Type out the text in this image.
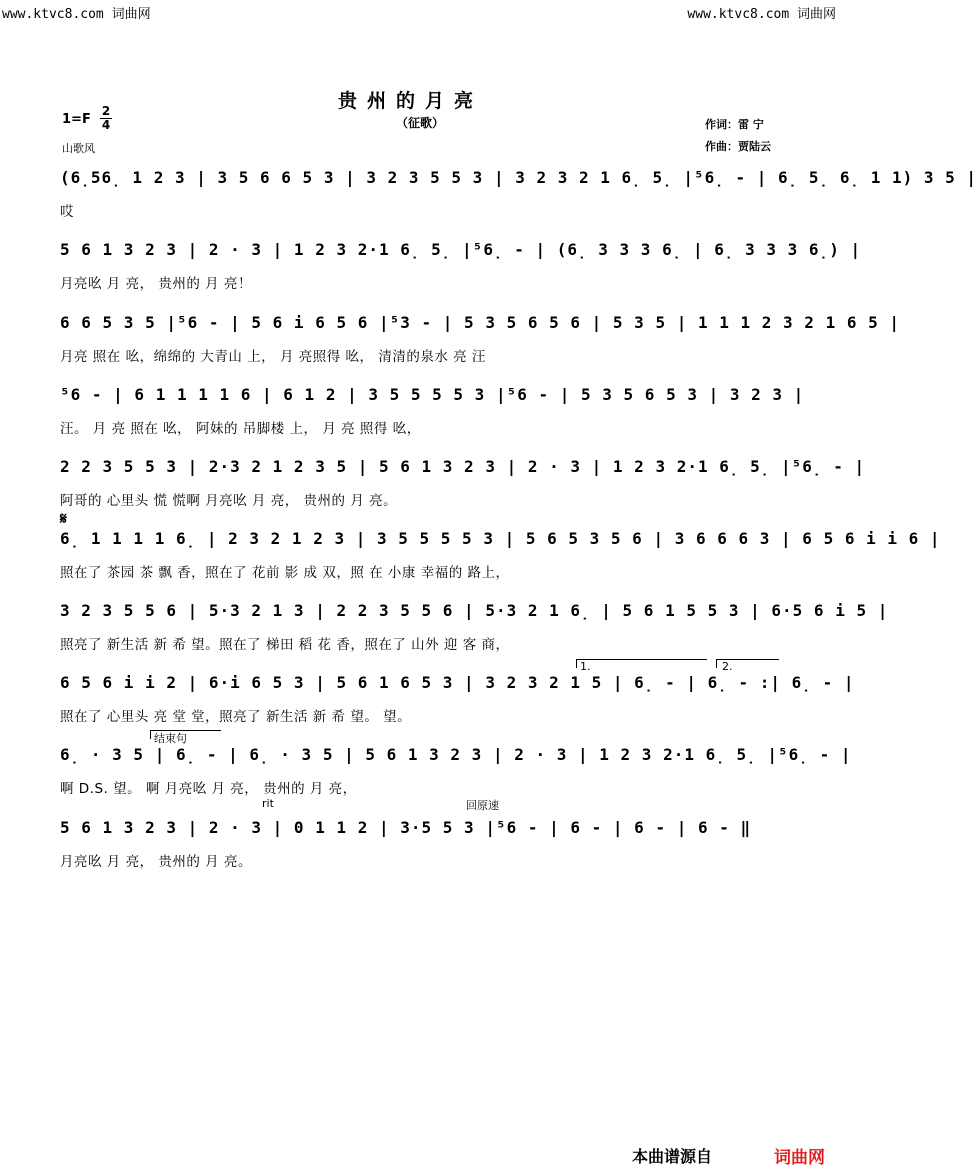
www.ktvc8.com 词曲网	www.ktvc8.com 词曲网
贵州的月亮
（征歌）
1=F
2
4
山歌风
作词：雷 宁
作曲：贾陆云
(6̣56̣ 1 2 3 | 3 5 6 6 5 3 | 3 2 3 5 5 3 | 3 2 3 2 1 6̣ 5̣ |⁵6̣ - | 6̣ 5̣ 6̣ 1 1) 3 5 |
哎
5 6 1 3 2 3 | 2 · 3 | 1 2 3 2·1 6̣ 5̣ |⁵6̣ - | (6̣ 3 3 3 6̣ | 6̣ 3 3 3 6̣) |
月亮吆 月 亮， 贵州的 月 亮！
6 6 5 3 5 |⁵6 - | 5 6 i 6 5 6 |⁵3 - | 5 3 5 6 5 6 | 5 3 5 | 1 1 1 2 3 2 1 6 5 |
月亮 照在 吆，绵绵的 大青山 上， 月 亮照得 吆， 清清的泉水 亮 汪
⁵6 - | 6 1 1 1 1 6 | 6 1 2 | 3 5 5 5 5 3 |⁵6 - | 5 3 5 6 5 3 | 3 2 3 |
汪。 月 亮 照在 吆， 阿妹的 吊脚楼 上， 月 亮 照得 吆，
2 2 3 5 5 3 | 2·3 2 1 2 3 5 | 5 6 1 3 2 3 | 2 · 3 | 1 2 3 2·1 6̣ 5̣ |⁵6̣ - |
阿哥的 心里头 慌 慌啊 月亮吆 月 亮， 贵州的 月 亮。
𝄋
6̣ 1 1 1 1 6̣ | 2 3 2 1 2 3 | 3 5 5 5 5 3 | 5 6 5 3 5 6 | 3 6 6 6 3 | 6 5 6 i i 6 |
照在了 茶园 茶 飘 香，照在了 花前 影 成 双，照 在 小康 幸福的 路上，
3 2 3 5 5 6 | 5·3 2 1 3 | 2 2 3 5 5 6 | 5·3 2 1 6̣ | 5 6 1 5 5 3 | 6·5 6 i 5 |
照亮了 新生活 新 希 望。照在了 梯田 稻 花 香，照在了 山外 迎 客 商，
1.	2.
6 5 6 i i 2 | 6·i 6 5 3 | 5 6 1 6 5 3 | 3 2 3 2 1 5 | 6̣ - | 6̣ - :| 6̣ - |
照在了 心里头 亮 堂 堂，照亮了 新生活 新 希 望。 望。
结束句
6̣ · 3 5 | 6̣ - | 6̣ · 3 5 | 5 6 1 3 2 3 | 2 · 3 | 1 2 3 2·1 6̣ 5̣ |⁵6̣ - |
啊 D.S. 望。 啊 月亮吆 月 亮， 贵州的 月 亮，
rit	回原速
5 6 1 3 2 3 | 2 · 3 | 0 1 1 2 | 3·5 5 3 |⁵6 - | 6 - | 6 - | 6 - ‖
月亮吆 月 亮， 贵州的 月 亮。
本曲谱源自	词曲网
